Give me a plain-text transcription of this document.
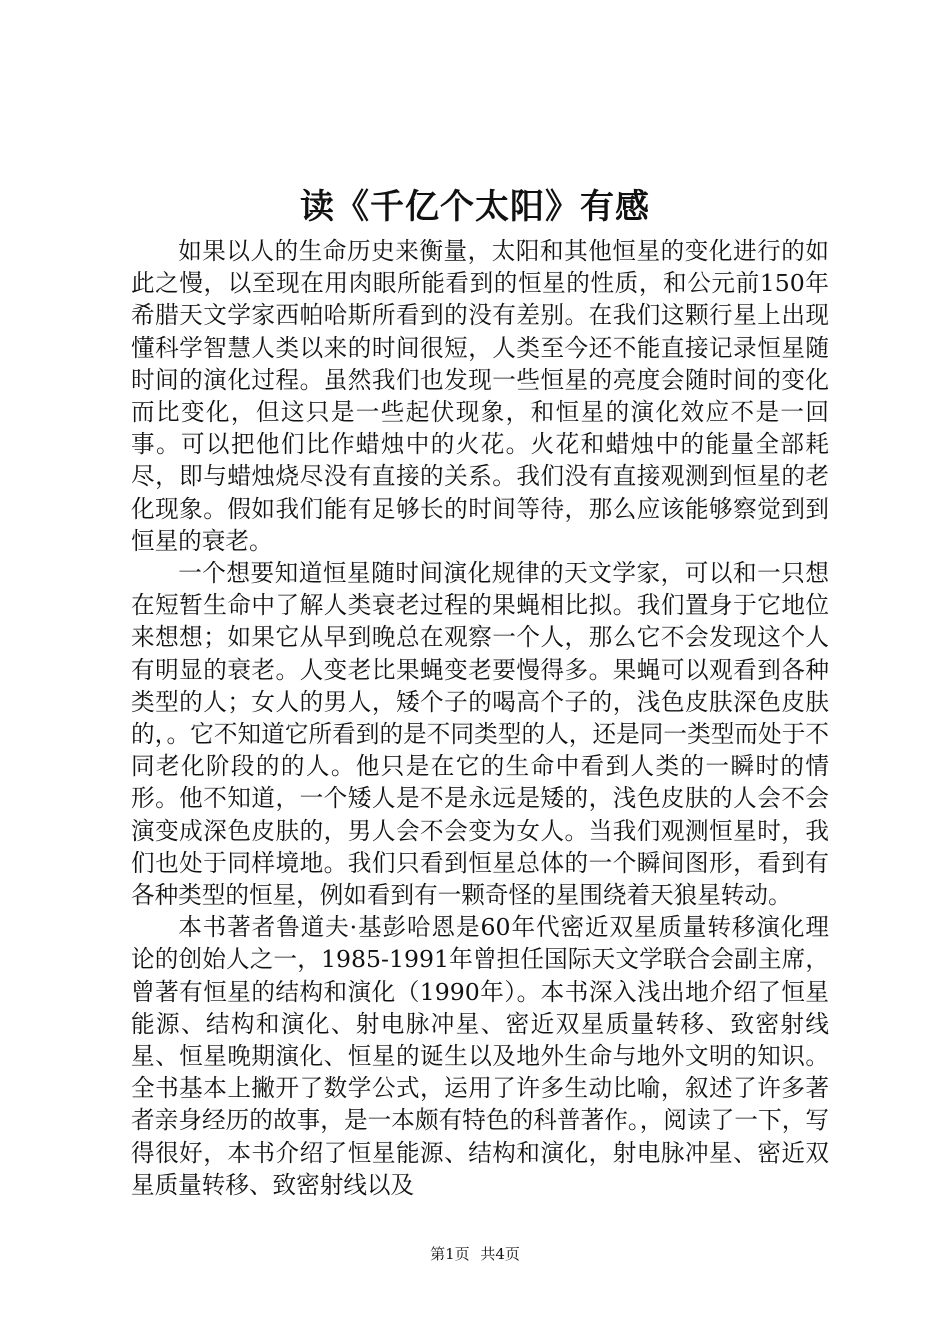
读《千亿个太阳》有感

如果以人的生命历史来衡量，太阳和其他恒星的变化进行的如此之慢，以至现在用肉眼所能看到的恒星的性质，和公元前150年希腊天文学家西帕哈斯所看到的没有差别。在我们这颗行星上出现懂科学智慧人类以来的时间很短，人类至今还不能直接记录恒星随时间的演化过程。虽然我们也发现一些恒星的亮度会随时间的变化而比变化，但这只是一些起伏现象，和恒星的演化效应不是一回事。可以把他们比作蜡烛中的火花。火花和蜡烛中的能量全部耗尽，即与蜡烛烧尽没有直接的关系。我们没有直接观测到恒星的老化现象。假如我们能有足够长的时间等待，那么应该能够察觉到到恒星的衰老。

一个想要知道恒星随时间演化规律的天文学家，可以和一只想在短暂生命中了解人类衰老过程的果蝇相比拟。我们置身于它地位来想想；如果它从早到晚总在观察一个人，那么它不会发现这个人有明显的衰老。人变老比果蝇变老要慢得多。果蝇可以观看到各种类型的人；女人的男人，矮个子的喝高个子的，浅色皮肤深色皮肤的，。它不知道它所看到的是不同类型的人，还是同一类型而处于不同老化阶段的的人。他只是在它的生命中看到人类的一瞬时的情形。他不知道，一个矮人是不是永远是矮的，浅色皮肤的人会不会演变成深色皮肤的，男人会不会变为女人。当我们观测恒星时，我们也处于同样境地。我们只看到恒星总体的一个瞬间图形，看到有各种类型的恒星，例如看到有一颗奇怪的星围绕着天狼星转动。

本书著者鲁道夫·基彭哈恩是60年代密近双星质量转移演化理论的创始人之一，1985-1991年曾担任国际天文学联合会副主席，曾著有恒星的结构和演化（1990年）。本书深入浅出地介绍了恒星能源、结构和演化、射电脉冲星、密近双星质量转移、致密射线星、恒星晚期演化、恒星的诞生以及地外生命与地外文明的知识。全书基本上撇开了数学公式，运用了许多生动比喻，叙述了许多著者亲身经历的故事，是一本颇有特色的科普著作。，阅读了一下，写得很好，本书介绍了恒星能源、结构和演化，射电脉冲星、密近双星质量转移、致密射线以及

第1页 共4页
